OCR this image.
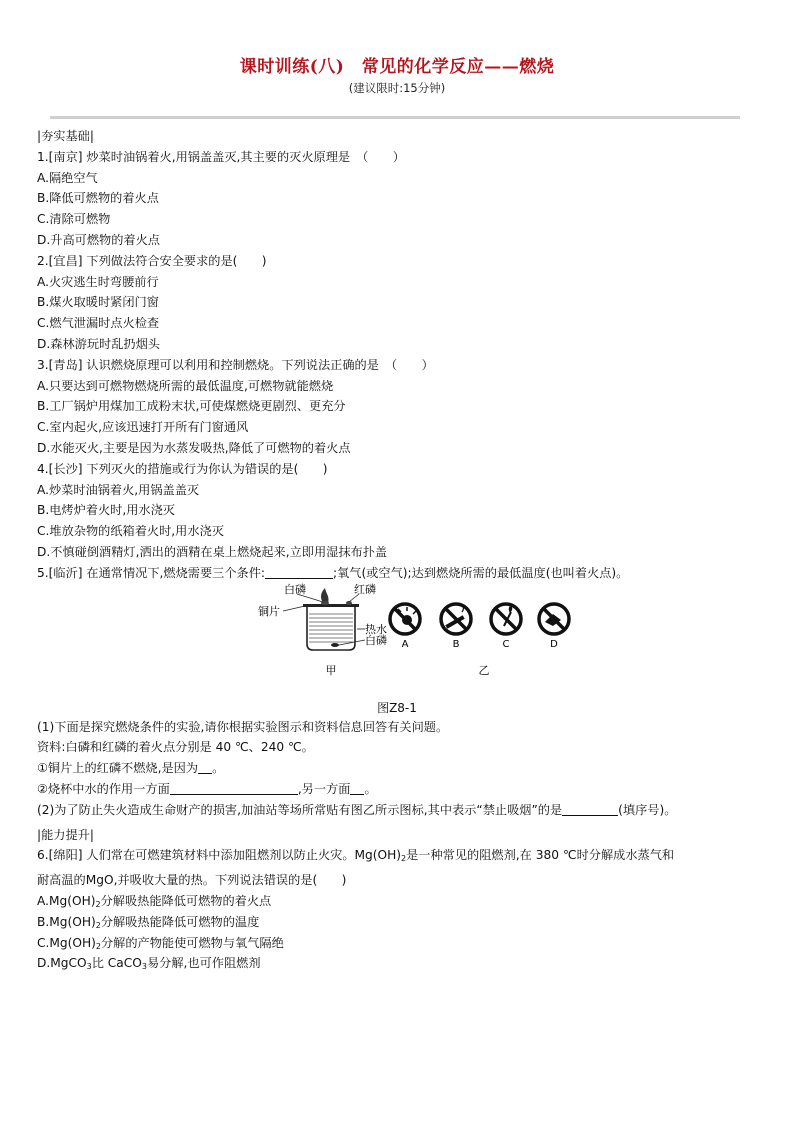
课时训练(八)　常见的化学反应——燃烧
(建议限时:15分钟)
|夯实基础|
1.[南京] 炒菜时油锅着火,用锅盖盖灭,其主要的灭火原理是　（　　）
A.隔绝空气
B.降低可燃物的着火点
C.清除可燃物
D.升高可燃物的着火点
2.[宜昌] 下列做法符合安全要求的是(　　)
A.火灾逃生时弯腰前行
B.煤火取暖时紧闭门窗
C.燃气泄漏时点火检查
D.森林游玩时乱扔烟头
3.[青岛] 认识燃烧原理可以利用和控制燃烧。下列说法正确的是　（　　）
A.只要达到可燃物燃烧所需的最低温度,可燃物就能燃烧
B.工厂锅炉用煤加工成粉末状,可使煤燃烧更剧烈、更充分
C.室内起火,应该迅速打开所有门窗通风
D.水能灭火,主要是因为水蒸发吸热,降低了可燃物的着火点
4.[长沙] 下列灭火的措施或行为你认为错误的是(　　)
A.炒菜时油锅着火,用锅盖盖灭
B.电烤炉着火时,用水浇灭
C.堆放杂物的纸箱着火时,用水浇灭
D.不慎碰倒酒精灯,洒出的酒精在桌上燃烧起来,立即用湿抹布扑盖
5.[临沂] 在通常情况下,燃烧需要三个条件:	;氧气(或空气);达到燃烧所需的最低温度(也叫着火点)。
白磷	红磷
铜片
热水
白磷
甲	乙
A	B	C	D
图Z8-1
(1)下面是探究燃烧条件的实验,请你根据实验图示和资料信息回答有关问题。
资料:白磷和红磷的着火点分别是 40 ℃、240 ℃。
①铜片上的红磷不燃烧,是因为 。
②烧杯中水的作用一方面	,另一方面 。
(2)为了防止失火造成生命财产的损害,加油站等场所常贴有图乙所示图标,其中表示“禁止吸烟”的是	(填序号)。
|能力提升|
6.[绵阳] 人们常在可燃建筑材料中添加阻燃剂以防止火灾。$Mg(OH)_2$是一种常见的阻燃剂,在 380 ℃时分解成水蒸气和
耐高温的MgO,并吸收大量的热。下列说法错误的是(　　)
$A.Mg(OH)_2$分解吸热能降低可燃物的着火点
$B.Mg(OH)_2$分解吸热能降低可燃物的温度
$C.Mg(OH)_2$分解的产物能使可燃物与氧气隔绝
D.MgCO$_3$比 CaCO$_3$易分解,也可作阻燃剂
